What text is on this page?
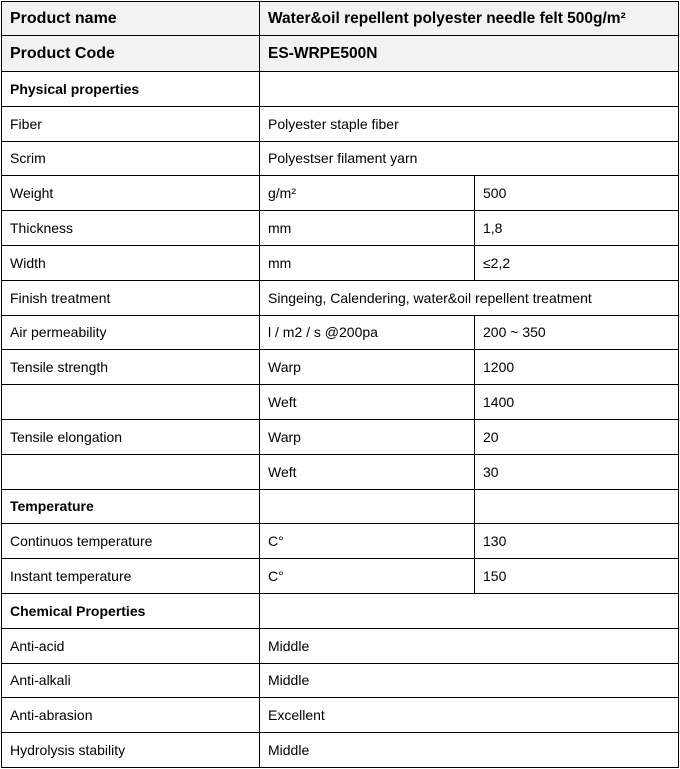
Product name	Water&oil repellent polyester needle felt 500g/m²	
Product Code	ES-WRPE500N	
Physical properties		
Fiber	Polyester staple fiber	
Scrim	Polyestser filament yarn	
Weight	g/m²	500
Thickness	mm	1,8
Width	mm	≤2,2
Finish treatment	Singeing, Calendering, water&oil repellent treatment	
Air permeability	l / m2 / s @200pa	200 ~ 350
Tensile strength	Warp	1200
	Weft	1400
Tensile elongation	Warp	20
	Weft	30
Temperature		
Continuos temperature	C°	130
Instant temperature	C°	150
Chemical Properties		
Anti-acid	Middle	
Anti-alkali	Middle	
Anti-abrasion	Excellent	
Hydrolysis stability	Middle	
